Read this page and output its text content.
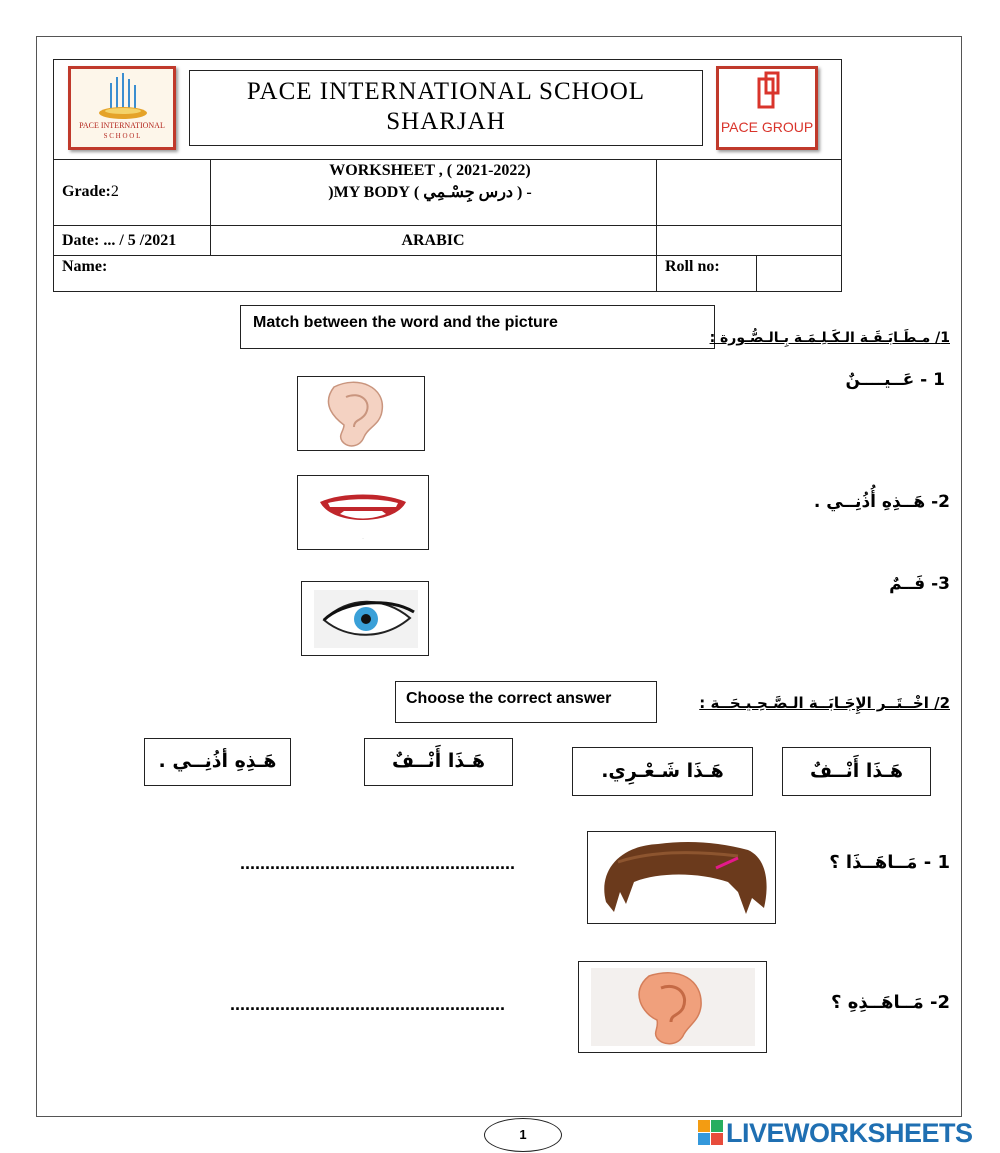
PACE INTERNATIONAL
S C H O O L
PACE INTERNATIONAL SCHOOL
SHARJAH	PACE GROUP
Grade:2
WORKSHEET , ( 2021-2022)
- ( درس جِسْـمِي ) MY BODY(
Date: ... / 5 /2021	ARABIC
Name:	Roll no:
Match between the word and the picture
1/ مـطَـابَـقَـة الـكَـلِـمَـة بِـالـصُّـورة :
1 - عَــيــــنٌ
2- هَــذِهِ أُذُنِــي .
3- فَــمٌ
·
Choose the correct answer	2/ اخْــتَــر الإِجَـابَــة الـصَّـحِـيـحَــة :
هَـذِهِ أذُنِــي .	هَـذَا أَنْــفٌ	هَـذَا شَـعْـرِي.	هَـذَا أَنْــفٌ
1 - مَــاهَــذَا ؟
.......................................................
2- مَــاهَــذِهِ ؟
.......................................................
1	LIVEWORKSHEETS
